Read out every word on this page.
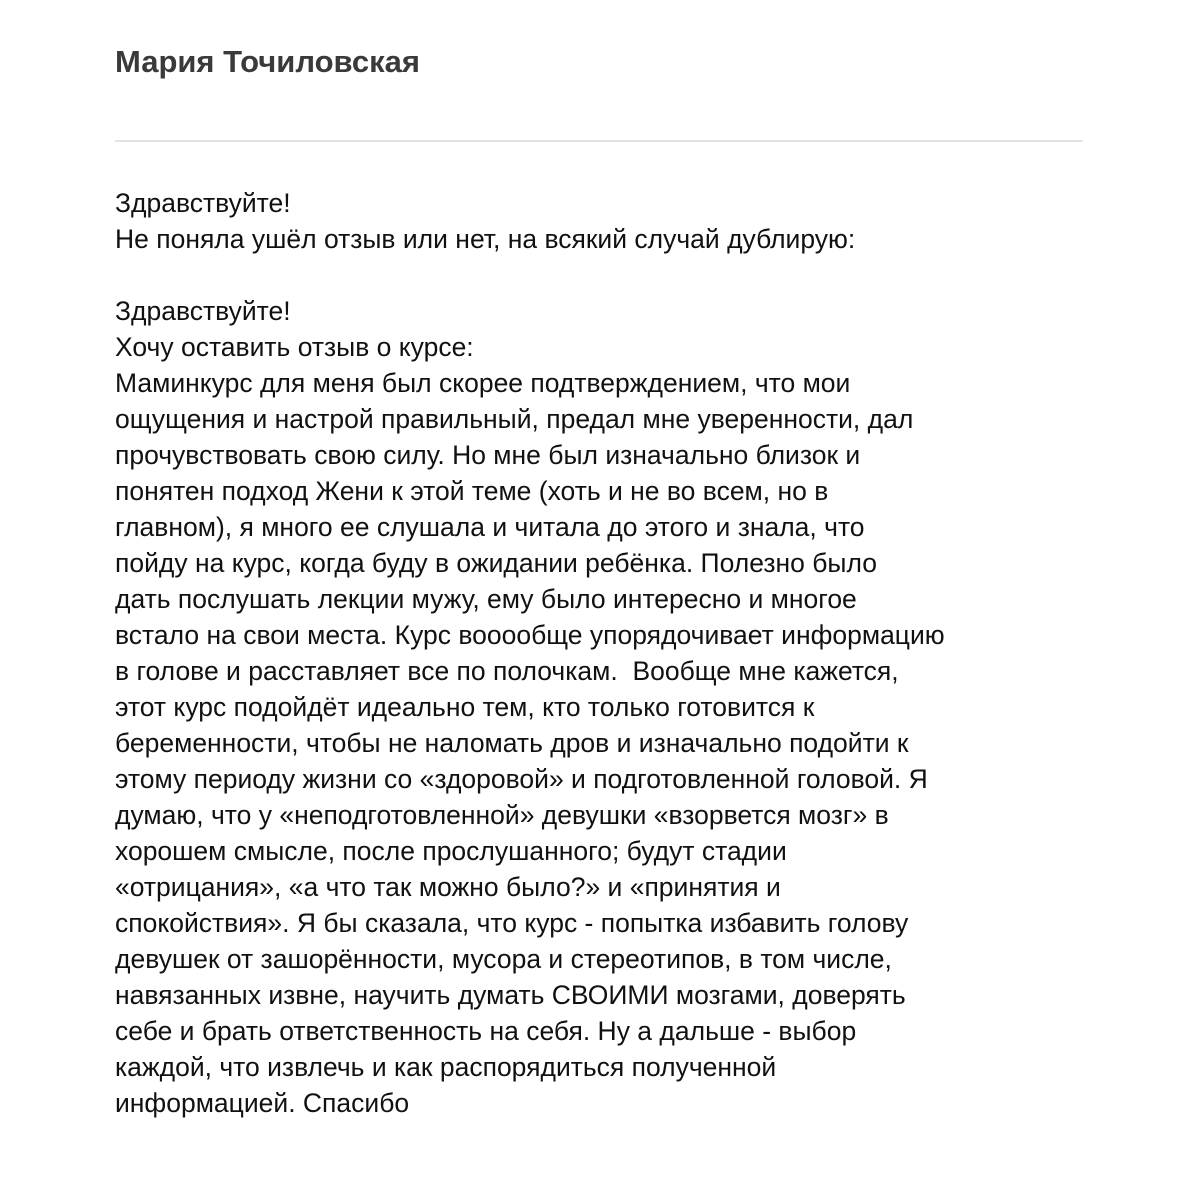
Мария Точиловская
Здравствуйте!
Не поняла ушёл отзыв или нет, на всякий случай дублирую:
Здравствуйте!
Хочу оставить отзыв о курсе:
Маминкурс для меня был скорее подтверждением, что мои
ощущения и настрой правильный, предал мне уверенности, дал
прочувствовать свою силу. Но мне был изначально близок и
понятен подход Жени к этой теме (хоть и не во всем, но в
главном), я много ее слушала и читала до этого и знала, что
пойду на курс, когда буду в ожидании ребёнка. Полезно было
дать послушать лекции мужу, ему было интересно и многое
встало на свои места. Курс вооообще упорядочивает информацию
в голове и расставляет все по полочкам.  Вообще мне кажется,
этот курс подойдёт идеально тем, кто только готовится к
беременности, чтобы не наломать дров и изначально подойти к
этому периоду жизни со «здоровой» и подготовленной головой. Я
думаю, что у «неподготовленной» девушки «взорвется мозг» в
хорошем смысле, после прослушанного; будут стадии
«отрицания», «а что так можно было?» и «принятия и
спокойствия». Я бы сказала, что курс - попытка избавить голову
девушек от зашорённости, мусора и стереотипов, в том числе,
навязанных извне, научить думать СВОИМИ мозгами, доверять
себе и брать ответственность на себя. Ну а дальше - выбор
каждой, что извлечь и как распорядиться полученной
информацией. Спасибо
